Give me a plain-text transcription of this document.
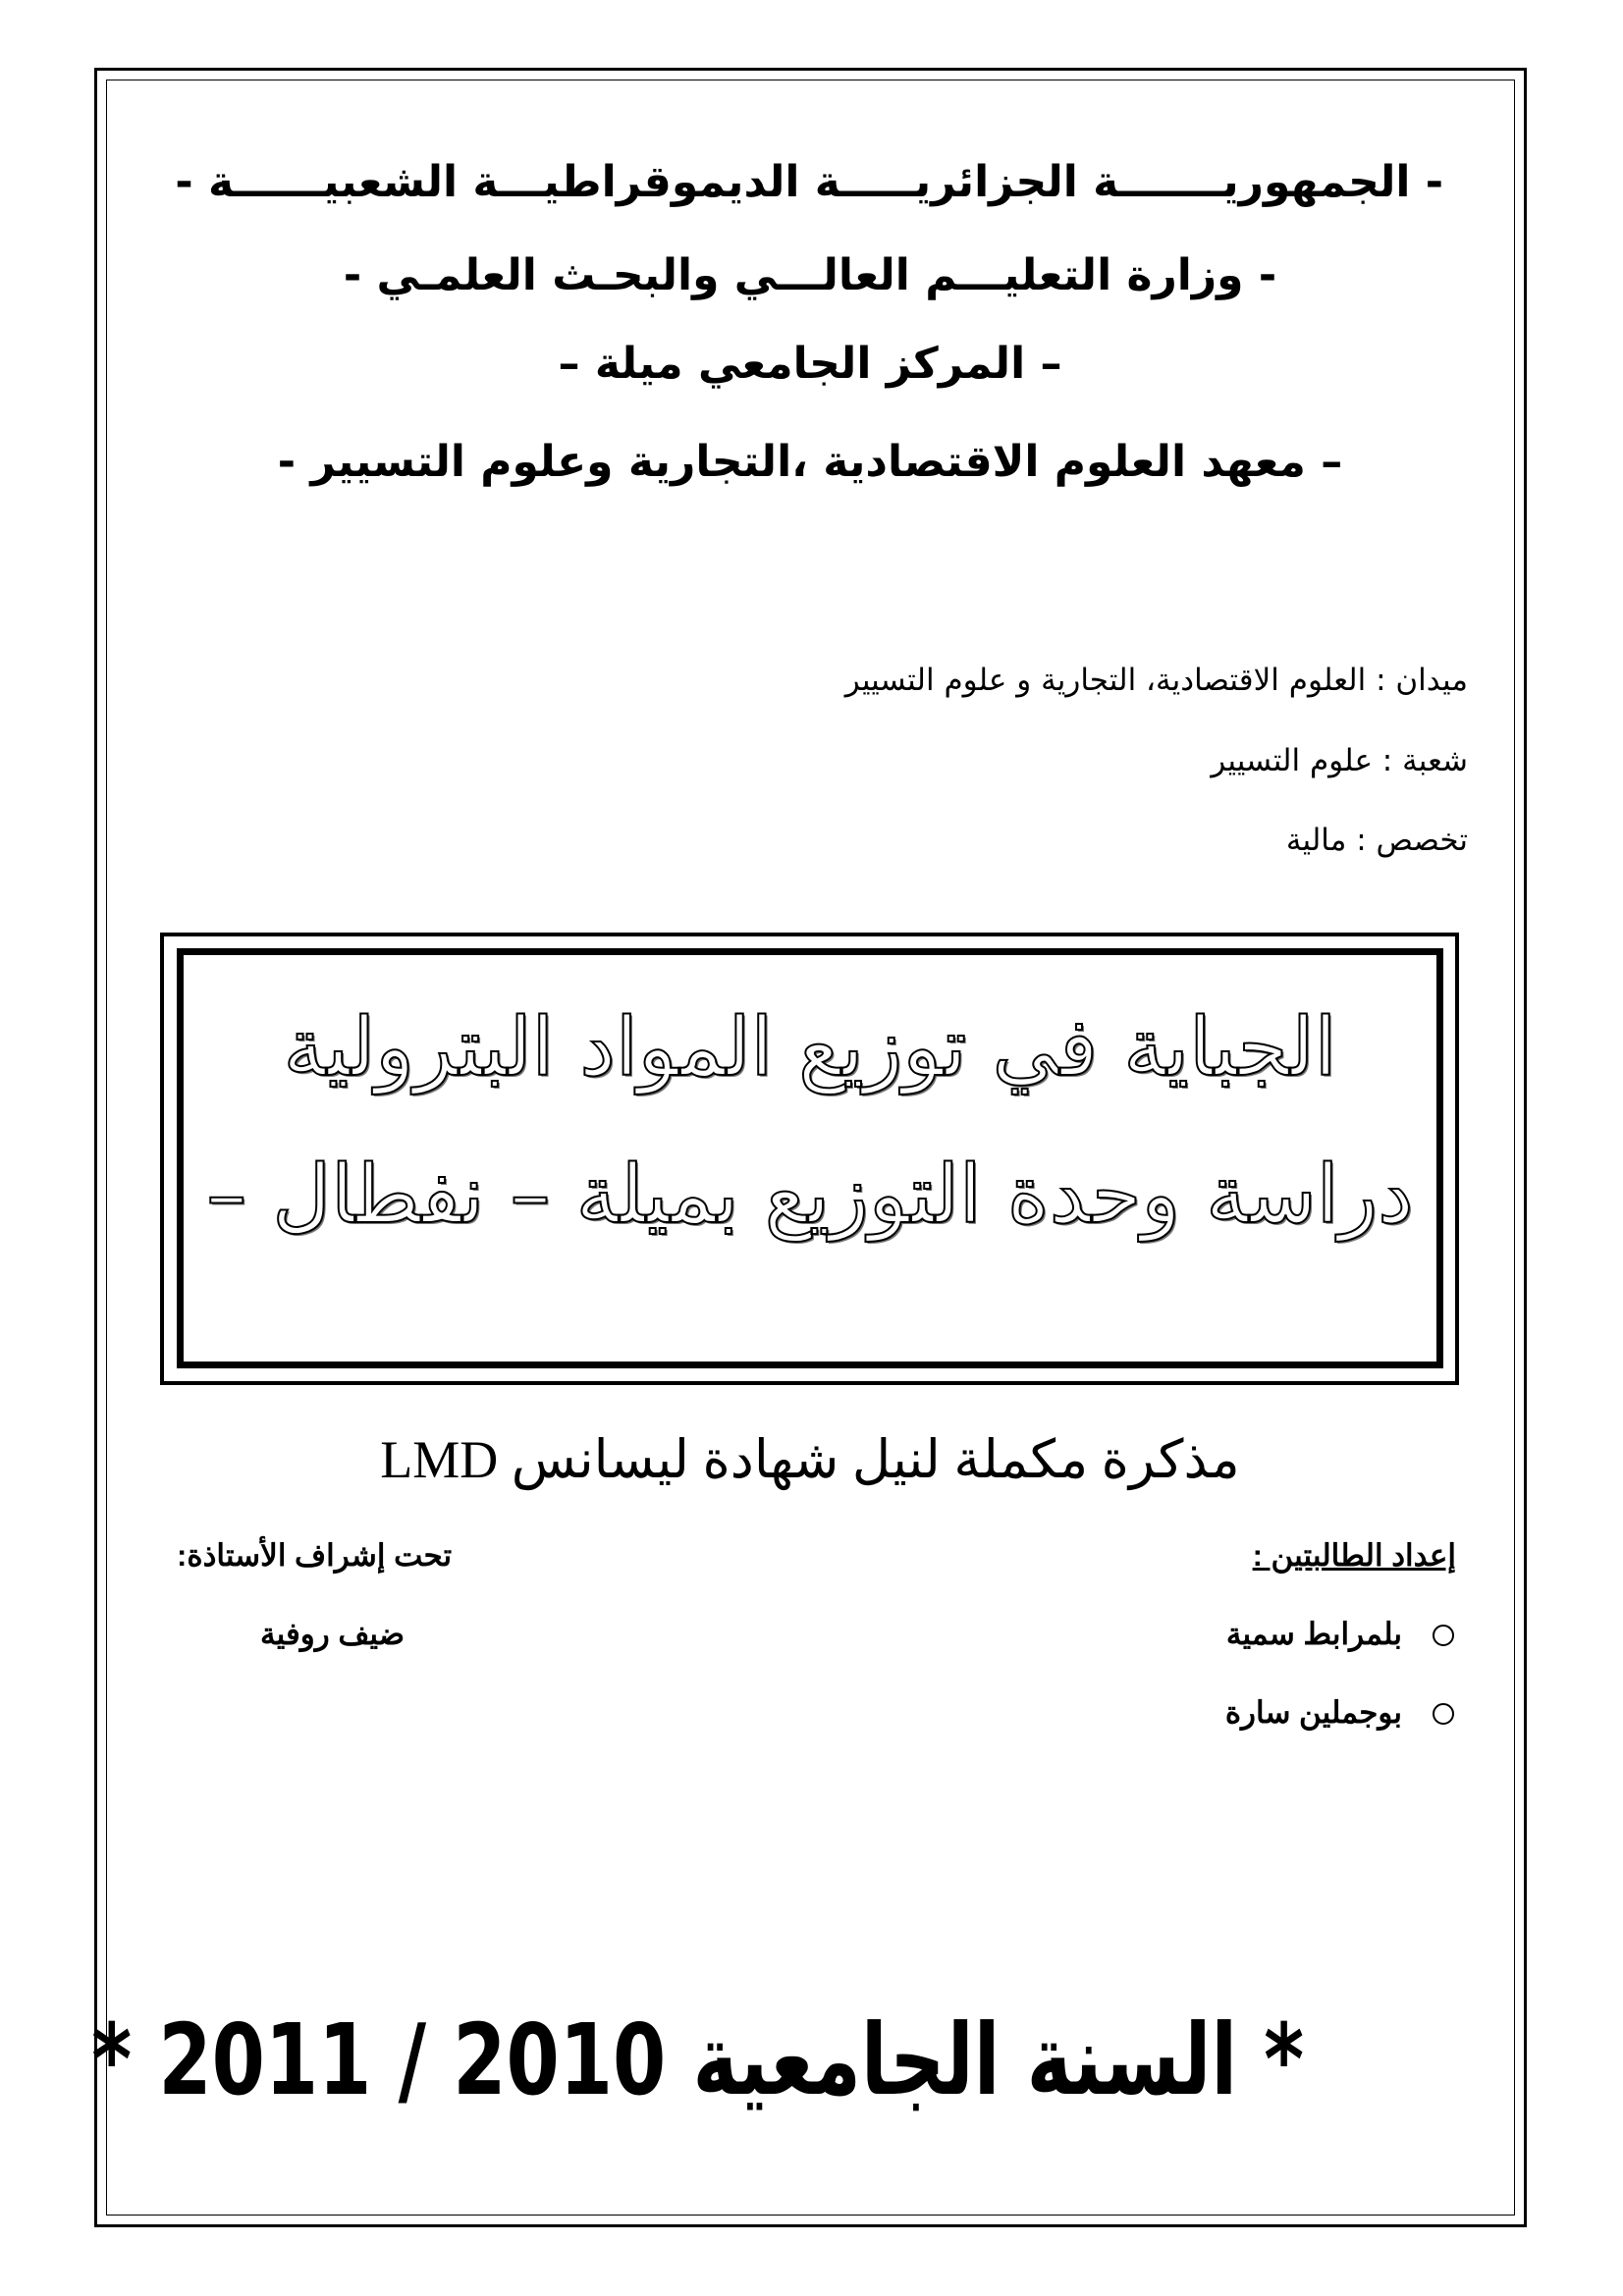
- الجمهوريـــــــة الجزائريـــــة الديموقراطيـــة الشعبيــــــة -
- وزارة التعليـــم العالـــي والبحـث العلمـي -
– المركز الجامعي ميلة –
– معهد العلوم الاقتصادية ،التجارية وعلوم التسيير -
ميدان : العلوم الاقتصادية، التجارية و علوم التسيير
شعبة : علوم التسيير
تخصص : مالية
الجباية في توزيع المواد البترولية
دراسة وحدة التوزيع بميلة – نفطال –
مذكرة مكملة لنيل شهادة ليسانس LMD
إعداد الطالبتين :
تحت إشراف الأستاذة:
بلمرابط سمية
بوجملين سارة
ضيف روفية
* السنة الجامعية 2010 / 2011 *
